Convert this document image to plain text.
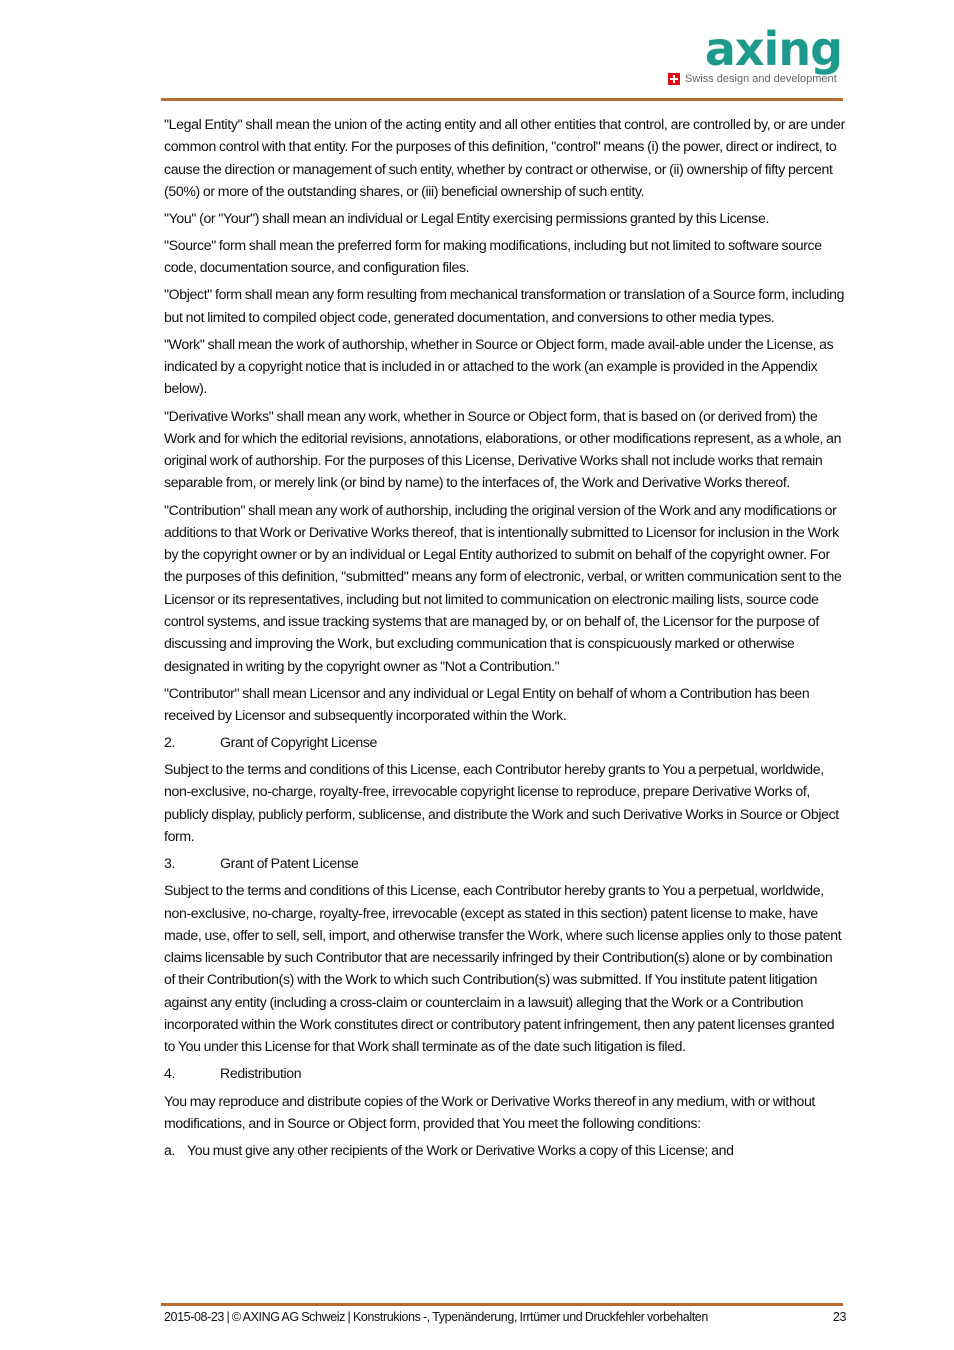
axing
Swiss design and development

"Legal Entity" shall mean the union of the acting entity and all other entities that control, are controlled by, or are under common control with that entity. For the purposes of this definition, "control" means (i) the power, direct or indirect, to cause the direction or management of such entity, whether by contract or otherwise, or (ii) ownership of fifty percent (50%) or more of the outstanding shares, or (iii) beneficial ownership of such entity.

"You" (or "Your") shall mean an individual or Legal Entity exercising permissions granted by this License.

"Source" form shall mean the preferred form for making modifications, including but not limited to software source code, documentation source, and configuration files.

"Object" form shall mean any form resulting from mechanical transformation or translation of a Source form, including but not limited to compiled object code, generated documentation, and conversions to other media types.

"Work" shall mean the work of authorship, whether in Source or Object form, made avail-able under the License, as indicated by a copyright notice that is included in or attached to the work (an example is provided in the Appendix below).

"Derivative Works" shall mean any work, whether in Source or Object form, that is based on (or derived from) the Work and for which the editorial revisions, annotations, elaborations, or other modifications represent, as a whole, an original work of authorship. For the purposes of this License, Derivative Works shall not include works that remain separable from, or merely link (or bind by name) to the interfaces of, the Work and Derivative Works thereof.

"Contribution" shall mean any work of authorship, including the original version of the Work and any modifications or additions to that Work or Derivative Works thereof, that is intentionally submitted to Licensor for inclusion in the Work by the copyright owner or by an individual or Legal Entity authorized to submit on behalf of the copyright owner. For the purposes of this definition, "submitted" means any form of electronic, verbal, or written communication sent to the Licensor or its representatives, including but not limited to communication on electronic mailing lists, source code control systems, and issue tracking systems that are managed by, or on behalf of, the Licensor for the purpose of discussing and improving the Work, but excluding communication that is conspicuously marked or otherwise designated in writing by the copyright owner as "Not a Contribution."

"Contributor" shall mean Licensor and any individual or Legal Entity on behalf of whom a Contribution has been received by Licensor and subsequently incorporated within the Work.

2.	Grant of Copyright License

Subject to the terms and conditions of this License, each Contributor hereby grants to You a perpetual, worldwide, non-exclusive, no-charge, royalty-free, irrevocable copyright license to reproduce, prepare Derivative Works of, publicly display, publicly perform, sublicense, and distribute the Work and such Derivative Works in Source or Object form.

3.	Grant of Patent License

Subject to the terms and conditions of this License, each Contributor hereby grants to You a perpetual, worldwide, non-exclusive, no-charge, royalty-free, irrevocable (except as stated in this section) patent license to make, have made, use, offer to sell, sell, import, and otherwise transfer the Work, where such license applies only to those patent claims licensable by such Contributor that are necessarily infringed by their Contribution(s) alone or by combination of their Contribution(s) with the Work to which such Contribution(s) was submitted. If You institute patent litigation against any entity (including a cross-claim or counterclaim in a lawsuit) alleging that the Work or a Contribution incorporated within the Work constitutes direct or contributory patent infringement, then any patent licenses granted to You under this License for that Work shall terminate as of the date such litigation is filed.

4.	Redistribution

You may reproduce and distribute copies of the Work or Derivative Works thereof in any medium, with or without modifications, and in Source or Object form, provided that You meet the following conditions:

a. You must give any other recipients of the Work or Derivative Works a copy of this License; and

2015-08-23 | © AXING AG Schweiz | Konstrukions -, Typenänderung, Irrtümer und Druckfehler vorbehalten	23
